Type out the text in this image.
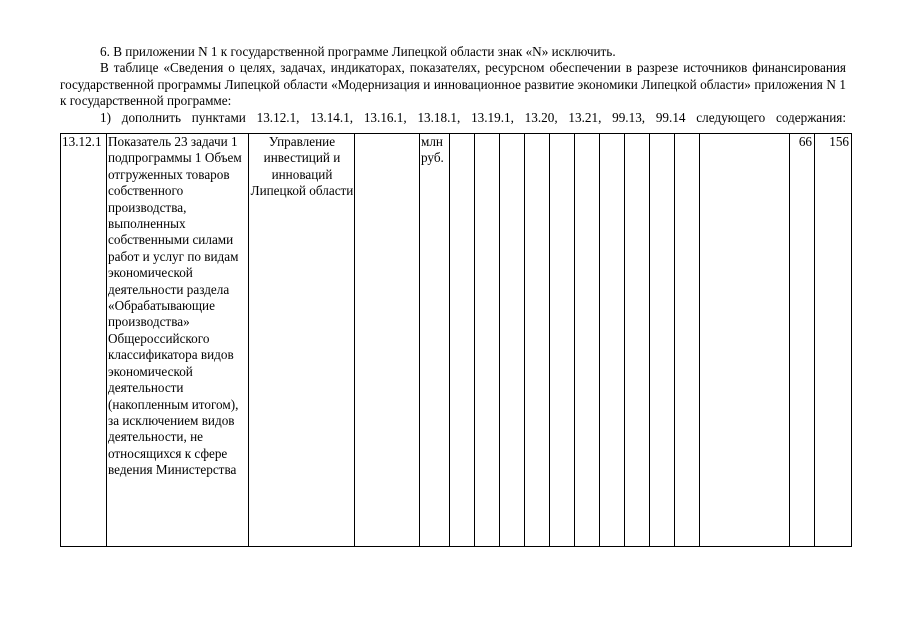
6. В приложении N 1 к государственной программе Липецкой области знак «N» исключить.

В таблице «Сведения о целях, задачах, индикаторах, показателях, ресурсном обеспечении в разрезе источников финансирования государственной программы Липецкой области «Модернизация и инновационное развитие экономики Липецкой области» приложения N 1 к государственной программе:

1) дополнить пунктами 13.12.1, 13.14.1, 13.16.1, 13.18.1, 13.19.1, 13.20, 13.21, 99.13, 99.14 следующего содержания:

13.12.1	Показатель 23 задачи 1 подпрограммы 1 Объем отгруженных товаров собственного производства, выполненных собственными силами работ и услуг по видам экономической деятельности раздела «Обрабатывающие производства» Общероссийского классификатора видов экономической деятельности (накопленным итогом), за исключением видов деятельности, не относящихся к сфере ведения Министерства	Управление инвестиций и инноваций Липецкой области		млн руб.												66	156
